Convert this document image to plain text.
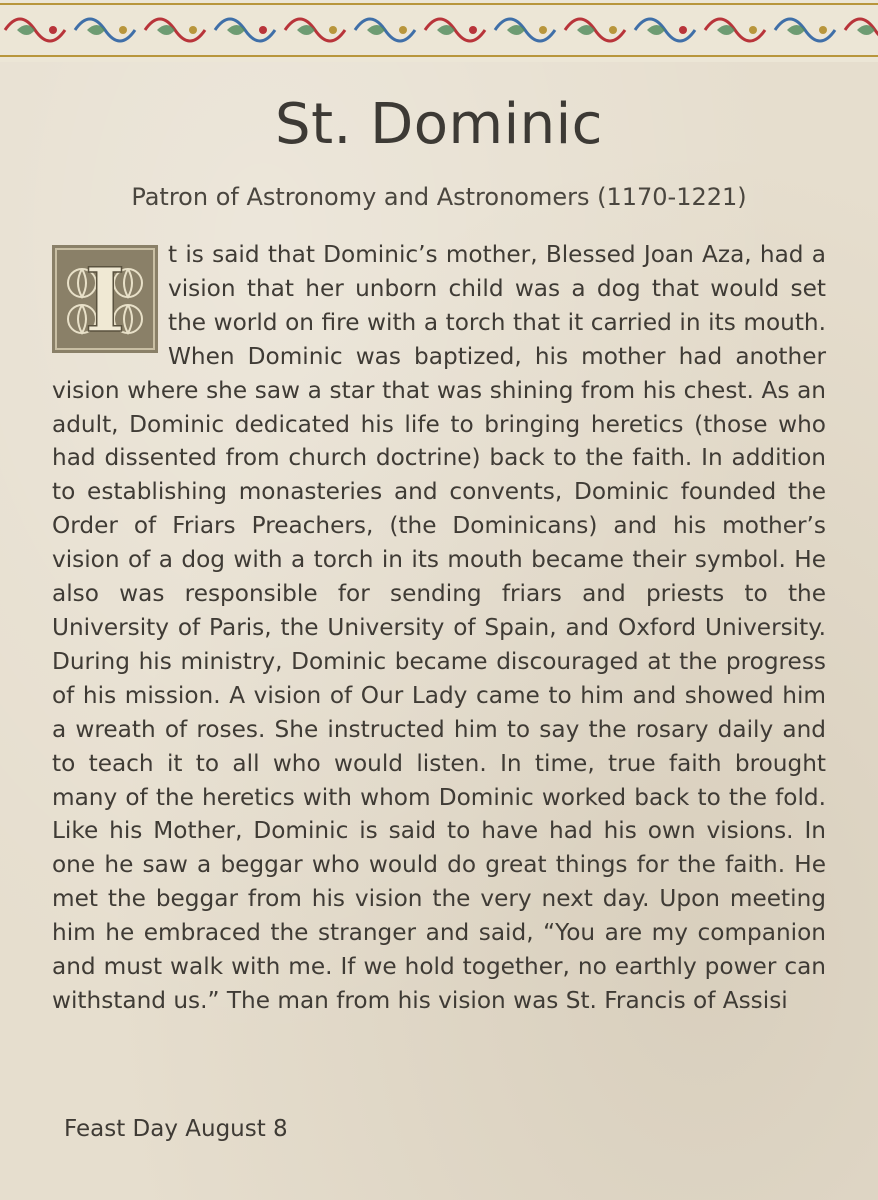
St. Dominic
Patron of Astronomy and Astronomers (1170-1221)
I t is said that Dominic’s mother, Blessed Joan Aza, had a vision that her unborn child was a dog that would set the world on fire with a torch that it carried in its mouth. When Dominic was baptized, his mother had another vision where she saw a star that was shining from his chest. As an adult, Dominic dedicated his life to bringing heretics (those who had dissented from church doctrine) back to the faith. In addition to establishing monasteries and convents, Dominic founded the Order of Friars Preachers, (the Dominicans) and his mother’s vision of a dog with a torch in its mouth became their symbol. He also was responsible for sending friars and priests to the University of Paris, the University of Spain, and Oxford University. During his ministry, Dominic became discouraged at the progress of his mission. A vision of Our Lady came to him and showed him a wreath of roses. She instructed him to say the rosary daily and to teach it to all who would listen. In time, true faith brought many of the heretics with whom Dominic worked back to the fold. Like his Mother, Dominic is said to have had his own visions. In one he saw a beggar who would do great things for the faith. He met the beggar from his vision the very next day. Upon meeting him he embraced the stranger and said, “You are my companion and must walk with me. If we hold together, no earthly power can withstand us.” The man from his vision was St. Francis of Assisi
Feast Day August 8
